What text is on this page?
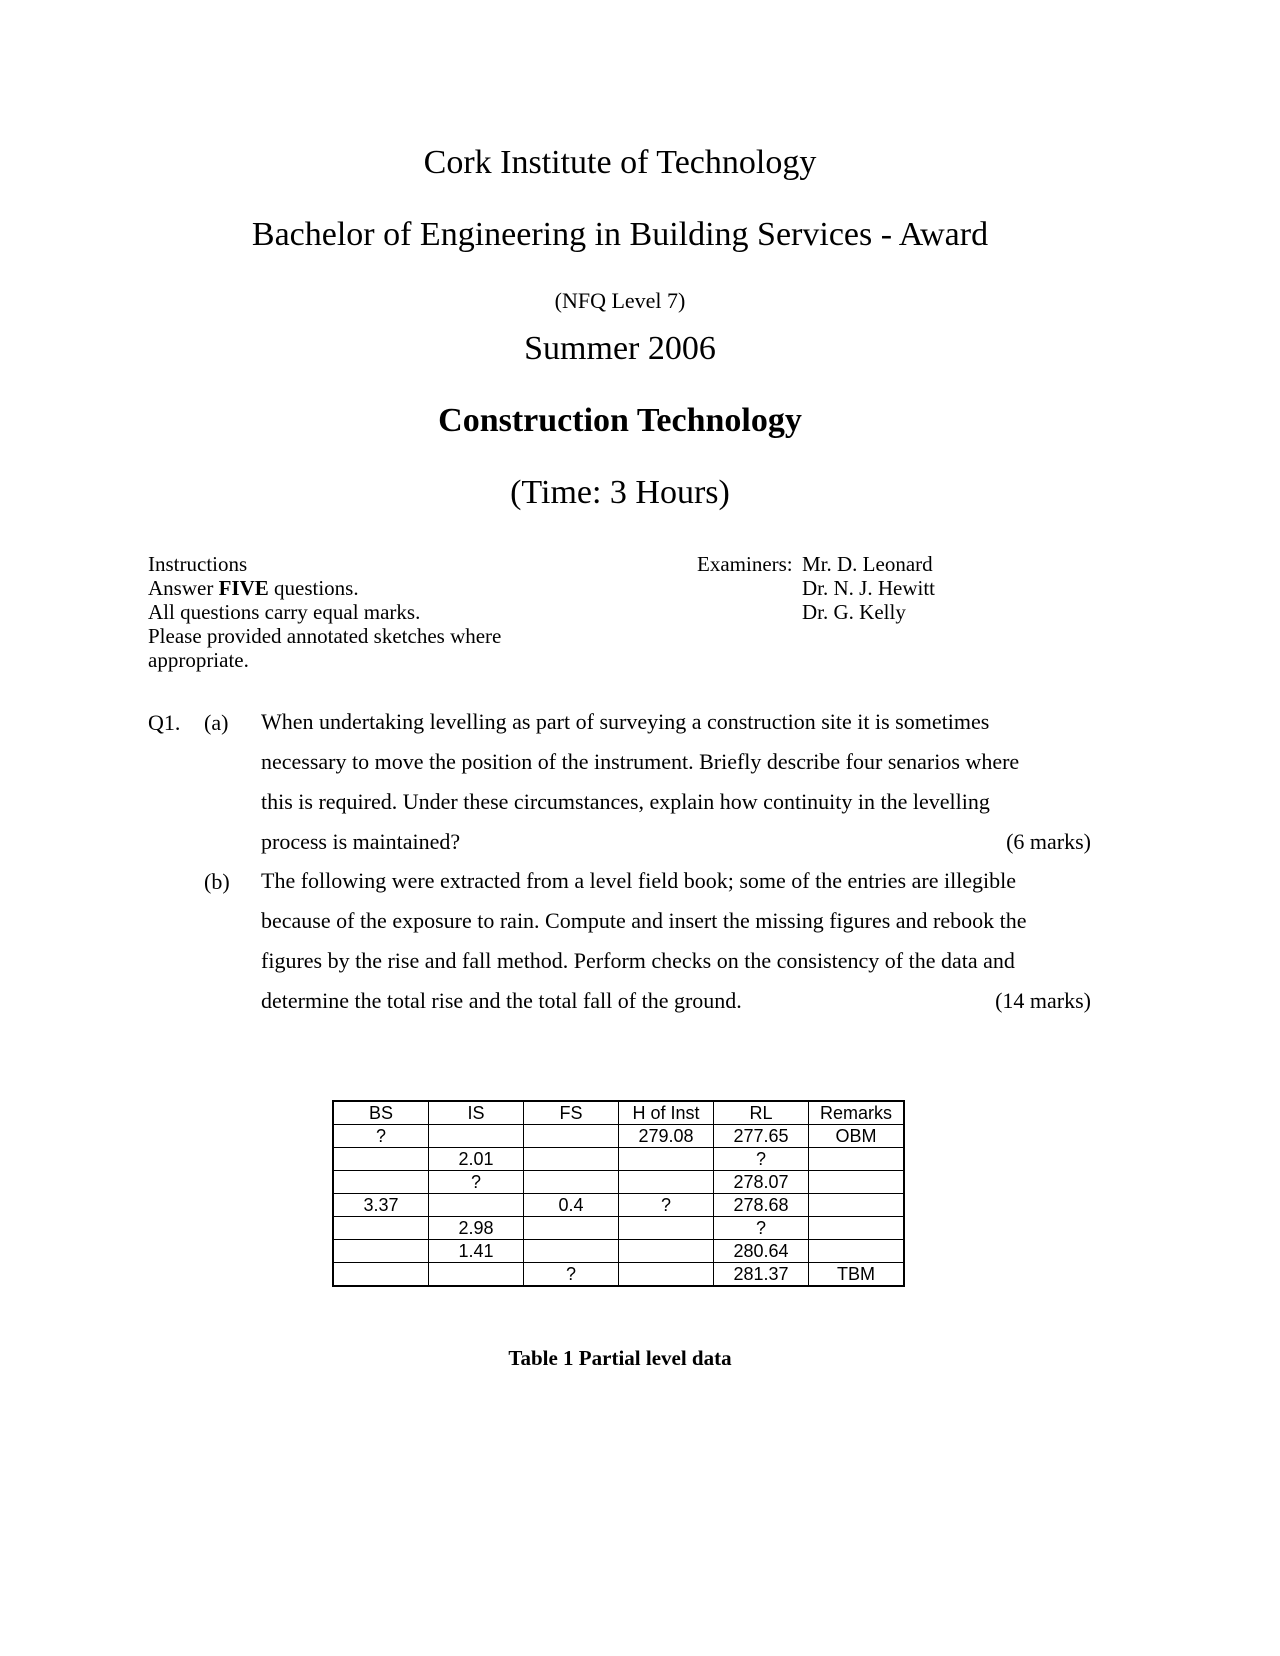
Cork Institute of Technology
Bachelor of Engineering in Building Services - Award
(NFQ Level 7)
Summer 2006
Construction Technology
(Time: 3 Hours)
Instructions
Answer FIVE questions.
All questions carry equal marks.
Please provided annotated sketches where
appropriate.
Examiners: Mr. D. Leonard
Dr. N. J. Hewitt
Dr. G. Kelly
Q1. (a) When undertaking levelling as part of surveying a construction site it is sometimes
necessary to move the position of the instrument. Briefly describe four senarios where
this is required. Under these circumstances, explain how continuity in the levelling
process is maintained?	(6 marks)
(b) The following were extracted from a level field book; some of the entries are illegible
because of the exposure to rain. Compute and insert the missing figures and rebook the
figures by the rise and fall method. Perform checks on the consistency of the data and
determine the total rise and the total fall of the ground.	(14 marks)
BS	IS	FS	H of Inst	RL	Remarks
?			279.08	277.65	OBM
	2.01			?	
	?			278.07	
3.37		0.4	?	278.68	
	2.98			?	
	1.41			280.64	
		?		281.37	TBM
Table 1 Partial level data
